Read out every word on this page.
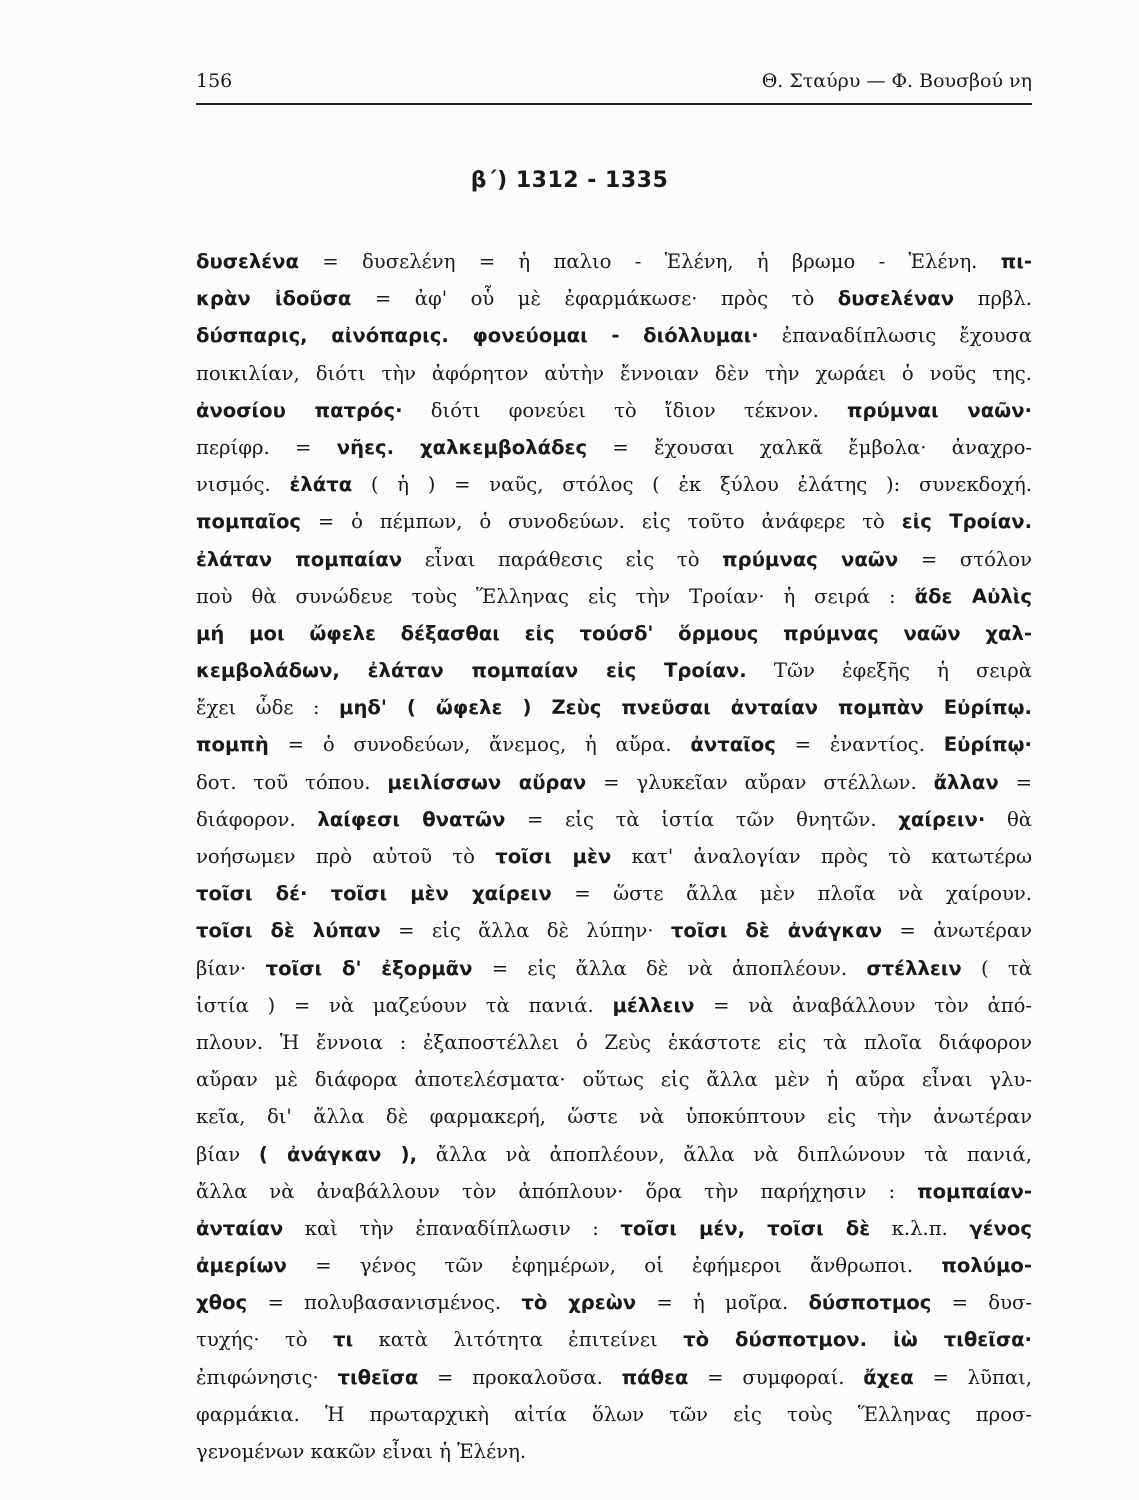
156	Θ. Σταύρυ — Φ. Βουσβού νη
β΄) 1312 - 1335
δυσελένα = δυσελένη = ἡ παλιο - Ἑλένη, ἡ βρωμο - Ἑλένη. πι-
κρὰν ἰδοῦσα = ἀφ' οὗ μὲ ἐφαρμάκωσε· πρὸς τὸ δυσελέναν πρβλ.
δύσπαρις, αἰνόπαρις. φονεύομαι - διόλλυμαι· ἐπαναδίπλωσις ἔχουσα
ποικιλίαν, διότι τὴν ἀφόρητον αὐτὴν ἔννοιαν δὲν τὴν χωράει ὁ νοῦς της.
ἀνοσίου πατρός· διότι φονεύει τὸ ἴδιον τέκνον. πρύμναι ναῶν·
περίφρ. = νῆες. χαλκεμβολάδες = ἔχουσαι χαλκᾶ ἔμβολα· ἀναχρο-
νισμός. ἐλάτα ( ἡ ) = ναῦς, στόλος ( ἐκ ξύλου ἐλάτης ): συνεκδοχή.
πομπαῖος = ὁ πέμπων, ὁ συνοδεύων. εἰς τοῦτο ἀνάφερε τὸ εἰς Τροίαν.
ἐλάταν πομπαίαν εἶναι παράθεσις εἰς τὸ πρύμνας ναῶν = στόλον
ποὺ θὰ συνώδευε τοὺς Ἕλληνας εἰς τὴν Τροίαν· ἡ σειρά : ἅδε Αὐλὶς
μή μοι ὤφελε δέξασθαι εἰς τούσδ' ὅρμους πρύμνας ναῶν χαλ-
κεμβολάδων, ἐλάταν πομπαίαν εἰς Τροίαν. Τῶν ἐφεξῆς ἡ σειρὰ
ἔχει ὧδε : μηδ' ( ὤφελε ) Ζεὺς πνεῦσαι ἀνταίαν πομπὰν Εὐρίπῳ.
πομπὴ = ὁ συνοδεύων, ἄνεμος, ἡ αὔρα. ἀνταῖος = ἐναντίος. Εὐρίπῳ·
δοτ. τοῦ τόπου. μειλίσσων αὔραν = γλυκεῖαν αὔραν στέλλων. ἄλλαν =
διάφορον. λαίφεσι θνατῶν = εἰς τὰ ἱστία τῶν θνητῶν. χαίρειν· θὰ
νοήσωμεν πρὸ αὐτοῦ τὸ τοῖσι μὲν κατ' ἀναλογίαν πρὸς τὸ κατωτέρω
τοῖσι δέ· τοῖσι μὲν χαίρειν = ὥστε ἄλλα μὲν πλοῖα νὰ χαίρουν.
τοῖσι δὲ λύπαν = εἰς ἄλλα δὲ λύπην· τοῖσι δὲ ἀνάγκαν = ἀνωτέραν
βίαν· τοῖσι δ' ἐξορμᾶν = εἰς ἄλλα δὲ νὰ ἀποπλέουν. στέλλειν ( τὰ
ἱστία ) = νὰ μαζεύουν τὰ πανιά. μέλλειν = νὰ ἀναβάλλουν τὸν ἀπό-
πλουν. Ἡ ἔννοια : ἐξαποστέλλει ὁ Ζεὺς ἑκάστοτε εἰς τὰ πλοῖα διάφορον
αὔραν μὲ διάφορα ἀποτελέσματα· οὕτως εἰς ἄλλα μὲν ἡ αὔρα εἶναι γλυ-
κεῖα, δι' ἄλλα δὲ φαρμακερή, ὥστε νὰ ὑποκύπτουν εἰς τὴν ἀνωτέραν
βίαν ( ἀνάγκαν ), ἄλλα νὰ ἀποπλέουν, ἄλλα νὰ διπλώνουν τὰ πανιά,
ἄλλα νὰ ἀναβάλλουν τὸν ἀπόπλουν· ὅρα τὴν παρήχησιν : πομπαίαν-
ἀνταίαν καὶ τὴν ἐπαναδίπλωσιν : τοῖσι μέν, τοῖσι δὲ κ.λ.π. γένος
ἀμερίων = γένος τῶν ἐφημέρων, οἱ ἐφήμεροι ἄνθρωποι. πολύμο-
χθος = πολυβασανισμένος. τὸ χρεὼν = ἡ μοῖρα. δύσποτμος = δυσ-
τυχής· τὸ τι κατὰ λιτότητα ἐπιτείνει τὸ δύσποτμον. ἰὼ τιθεῖσα·
ἐπιφώνησις· τιθεῖσα = προκαλοῦσα. πάθεα = συμφοραί. ἄχεα = λῦπαι,
φαρμάκια. Ἡ πρωταρχικὴ αἰτία ὅλων τῶν εἰς τοὺς Ἕλληνας προσ-
γενομένων κακῶν εἶναι ἡ Ἑλένη.
